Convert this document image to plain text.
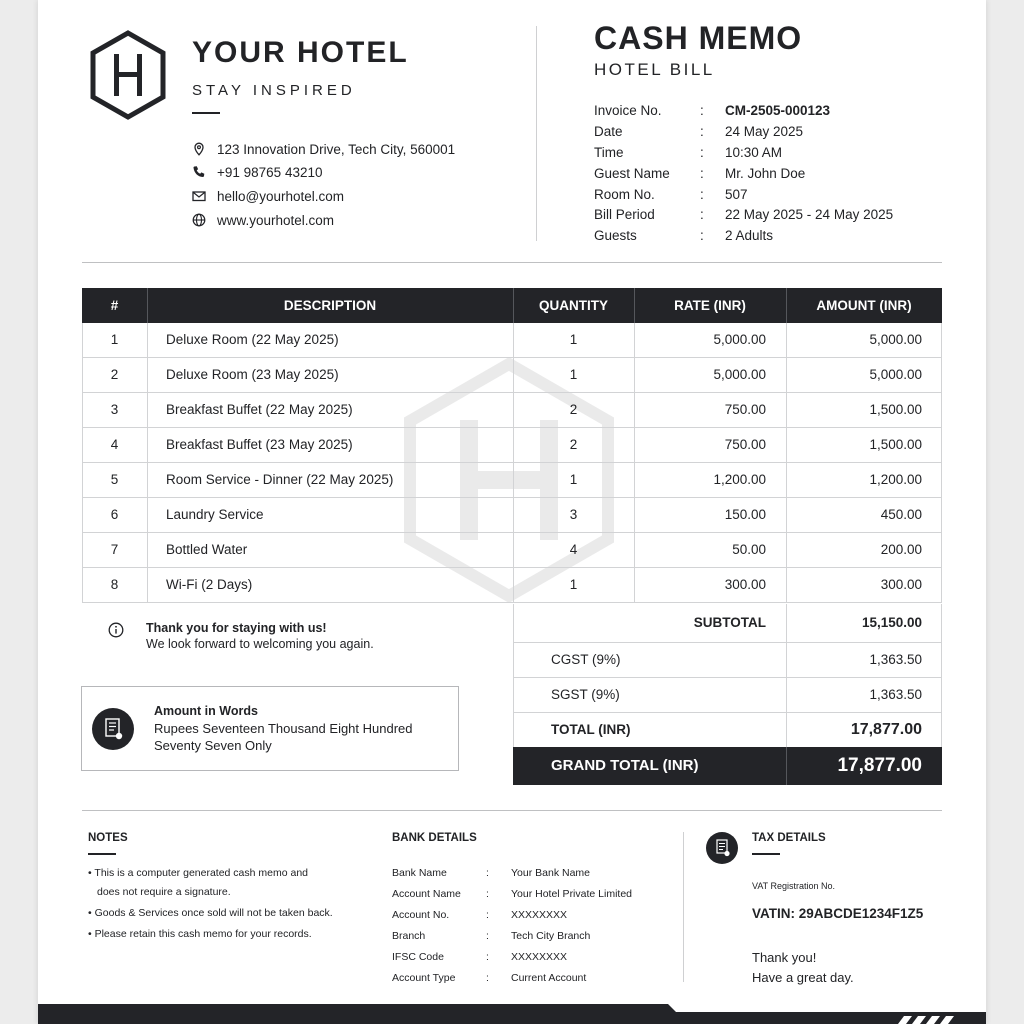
YOUR HOTEL
STAY INSPIRED
123 Innovation Drive, Tech City, 560001
+91 98765 43210
hello@yourhotel.com
www.yourhotel.com
CASH MEMO
HOTEL BILL
Invoice No.	: CM-2505-000123
Date	: 24 May 2025
Time	: 10:30 AM
Guest Name : Mr. John Doe
Room No.	: 507
Bill Period	: 22 May 2025 - 24 May 2025
Guests	: 2 Adults
#	DESCRIPTION	QUANTITY	RATE (INR)	AMOUNT (INR)
1	Deluxe Room (22 May 2025)	1	5,000.00	5,000.00
2	Deluxe Room (23 May 2025)	1	5,000.00	5,000.00
3	Breakfast Buffet (22 May 2025)	2	750.00	1,500.00
4	Breakfast Buffet (23 May 2025)	2	750.00	1,500.00
5	Room Service - Dinner (22 May 2025)	1	1,200.00	1,200.00
6	Laundry Service	3	150.00	450.00
7	Bottled Water	4	50.00	200.00
8	Wi-Fi (2 Days)	1	300.00	300.00
SUBTOTAL	15,150.00
CGST (9%)	1,363.50
SGST (9%)	1,363.50
TOTAL (INR)	17,877.00
GRAND TOTAL (INR)	17,877.00
Thank you for staying with us!
We look forward to welcoming you again.
Amount in Words
Rupees Seventeen Thousand Eight Hundred
Seventy Seven Only
NOTES
• This is a computer generated cash memo and
does not require a signature.
• Goods & Services once sold will not be taken back.
• Please retain this cash memo for your records.
BANK DETAILS
Bank Name	: Your Bank Name
Account Name : Your Hotel Private Limited
Account No.	: XXXXXXXX
Branch	: Tech City Branch
IFSC Code	: XXXXXXXX
Account Type	: Current Account
TAX DETAILS
VAT Registration No.
VATIN: 29ABCDE1234F1Z5
Thank you!
Have a great day.
